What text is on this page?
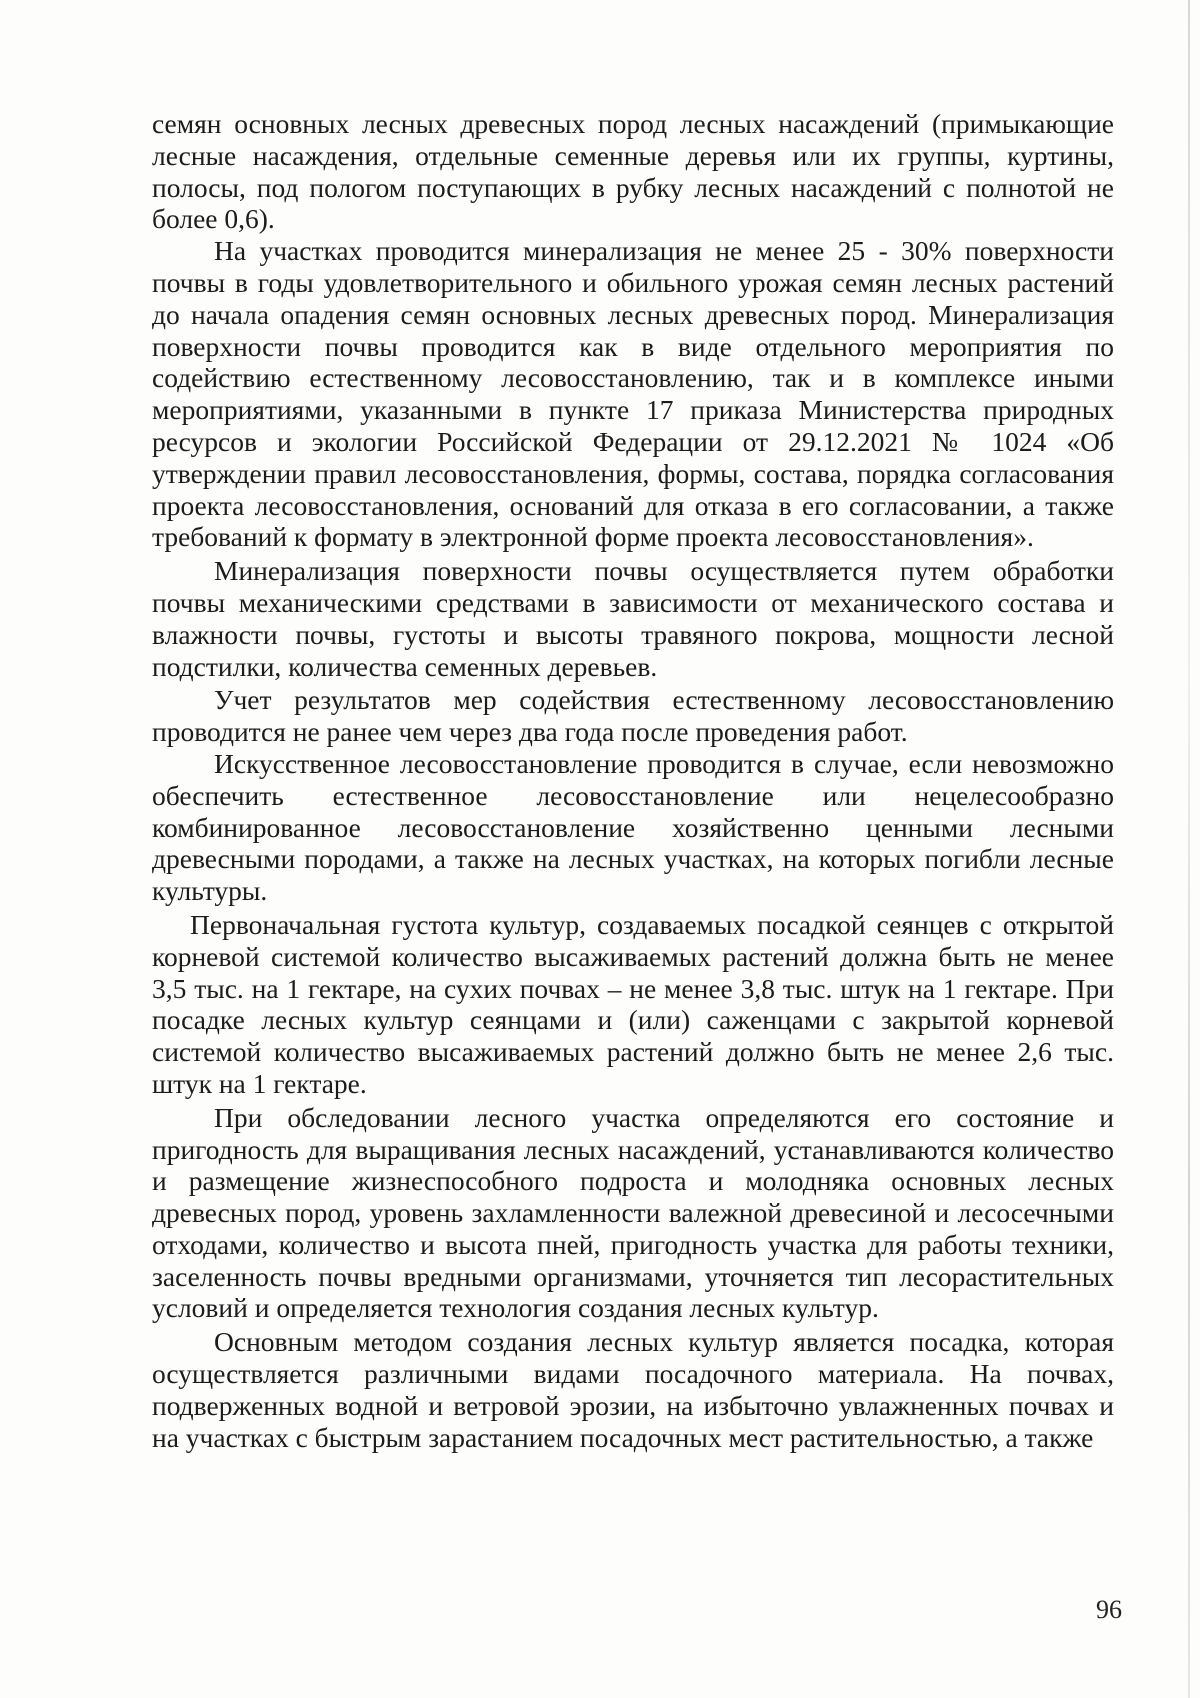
семян основных лесных древесных пород лесных насаждений (примыкающие лесные насаждения, отдельные семенные деревья или их группы, куртины, полосы, под пологом поступающих в рубку лесных насаждений с полнотой не более 0,6).

На участках проводится минерализация не менее 25 - 30% поверхности почвы в годы удовлетворительного и обильного урожая семян лесных растений до начала опадения семян основных лесных древесных пород. Минерализация поверхности почвы проводится как в виде отдельного мероприятия по содействию естественному лесовосстановлению, так и в комплексе иными мероприятиями, указанными в пункте 17 приказа Министерства природных ресурсов и экологии Российской Федерации от 29.12.2021 № 1024 «Об утверждении правил лесовосстановления, формы, состава, порядка согласования проекта лесовосстановления, оснований для отказа в его согласовании, а также требований к формату в электронной форме проекта лесовосстановления».

Минерализация поверхности почвы осуществляется путем обработки почвы механическими средствами в зависимости от механического состава и влажности почвы, густоты и высоты травяного покрова, мощности лесной подстилки, количества семенных деревьев.

Учет результатов мер содействия естественному лесовосстановлению проводится не ранее чем через два года после проведения работ.

Искусственное лесовосстановление проводится в случае, если невозможно обеспечить естественное лесовосстановление или нецелесообразно комбинированное лесовосстановление хозяйственно ценными лесными древесными породами, а также на лесных участках, на которых погибли лесные культуры.

Первоначальная густота культур, создаваемых посадкой сеянцев с открытой корневой системой количество высаживаемых растений должна быть не менее 3,5 тыс. на 1 гектаре, на сухих почвах – не менее 3,8 тыс. штук на 1 гектаре. При посадке лесных культур сеянцами и (или) саженцами с закрытой корневой системой количество высаживаемых растений должно быть не менее 2,6 тыс. штук на 1 гектаре.

При обследовании лесного участка определяются его состояние и пригодность для выращивания лесных насаждений, устанавливаются количество и размещение жизнеспособного подроста и молодняка основных лесных древесных пород, уровень захламленности валежной древесиной и лесосечными отходами, количество и высота пней, пригодность участка для работы техники, заселенность почвы вредными организмами, уточняется тип лесорастительных условий и определяется технология создания лесных культур.

Основным методом создания лесных культур является посадка, которая осуществляется различными видами посадочного материала. На почвах, подверженных водной и ветровой эрозии, на избыточно увлажненных почвах и на участках с быстрым зарастанием посадочных мест растительностью, а также

96
